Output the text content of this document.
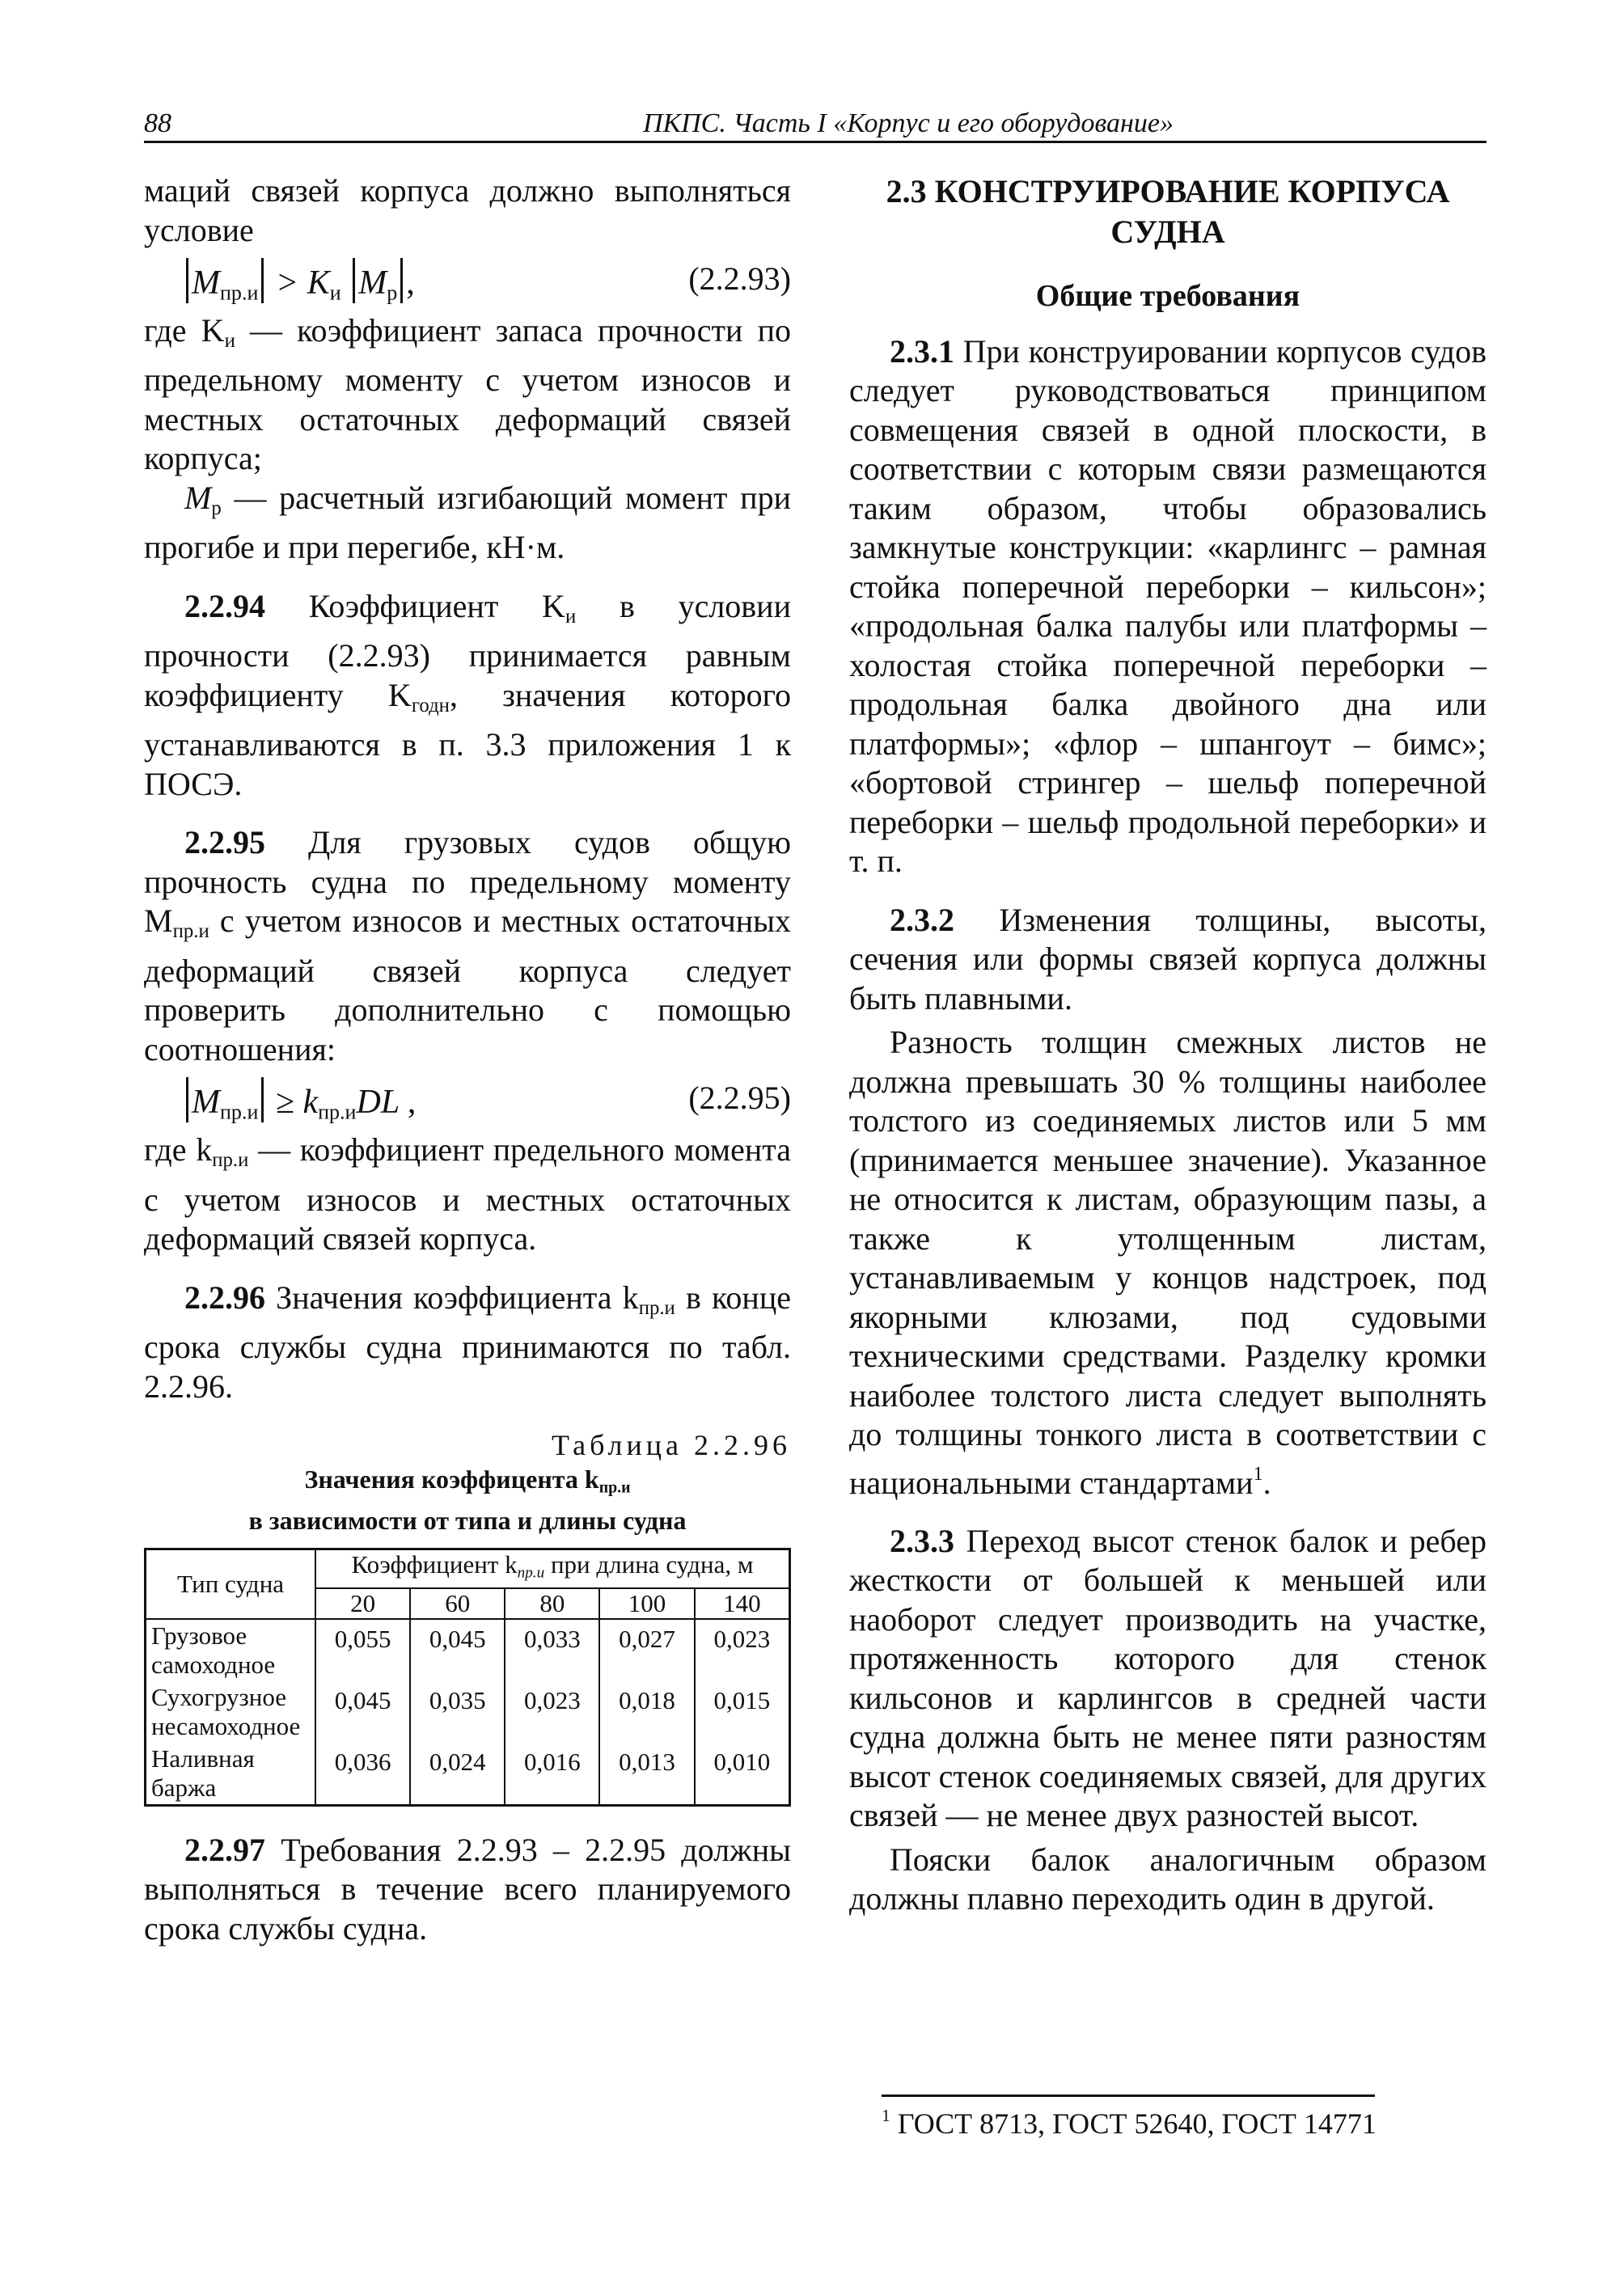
88	ПКПС. Часть I «Корпус и его оборудование»

маций связей корпуса должно выполняться условие

$M_{пр.и} > K_и$ $M_р$ ,	(2.2.93)

где $K_и$ — коэффициент запаса прочности по предельному моменту с учетом износов и местных остаточных деформаций связей корпуса;

$M_р$ — расчетный изгибающий момент при прогибе и при перегибе, кН·м.

2.2.94 Коэффициент $K_и$ в условии прочности (2.2.93) принимается равным коэффициенту $K_{годн}$, значения которого устанавливаются в п. 3.3 приложения 1 к ПОСЭ.

2.2.95 Для грузовых судов общую прочность судна по предельному моменту $M_{пр.и}$ с учетом износов и местных остаточных деформаций связей корпуса следует проверить дополнительно с помощью соотношения:

$M_{пр.и} \ge k_{пр.и}DL$ ,	(2.2.95)

где $k_{пр.и}$ — коэффициент предельного момента с учетом износов и местных остаточных деформаций связей корпуса.

2.2.96 Значения коэффициента $k_{пр.и}$ в конце срока службы судна принимаются по табл. 2.2.96.

Таблица 2.2.96
Значения коэффицента $k_{пр.и}$
в зависимости от типа и длины судна
Тип судна	Коэффициент $k_{пр.и}$ при длина судна, м				
	20	60	80	100	140
Грузовое самоходное	0,055	0,045	0,033	0,027	0,023
Сухогрузное несамоходное	0,045	0,035	0,023	0,018	0,015
Наливная баржа	0,036	0,024	0,016	0,013	0,010

2.2.97 Требования 2.2.93 – 2.2.95 должны выполняться в течение всего планируемого срока службы судна.

2.3 КОНСТРУИРОВАНИЕ КОРПУСА СУДНА
Общие требования

2.3.1 При конструировании корпусов судов следует руководствоваться принципом совмещения связей в одной плоскости, в соответствии с которым связи размещаются таким образом, чтобы образовались замкнутые конструкции: «карлингс – рамная стойка поперечной переборки – кильсон»; «продольная балка палубы или платформы – холостая стойка поперечной переборки – продольная балка двойного дна или платформы»; «флор – шпангоут – бимс»; «бортовой стрингер – шельф поперечной переборки – шельф продольной переборки» и т. п.

2.3.2 Изменения толщины, высоты, сечения или формы связей корпуса должны быть плавными.

Разность толщин смежных листов не должна превышать 30 % толщины наиболее толстого из соединяемых листов или 5 мм (принимается меньшее значение). Указанное не относится к листам, образующим пазы, а также к утолщенным листам, устанавливаемым у концов надстроек, под якорными клюзами, под судовыми техническими средствами. Разделку кромки наиболее толстого листа следует выполнять до толщины тонкого листа в соответствии с национальными стандартами$^1$.

2.3.3 Переход высот стенок балок и ребер жесткости от большей к меньшей или наоборот следует производить на участке, протяженность которого для стенок кильсонов и карлингсов в средней части судна должна быть не менее пяти разностям высот стенок соединяемых связей, для других связей — не менее двух разностей высот.

Пояски балок аналогичным образом должны плавно переходить один в другой.

$^1$ ГОСТ 8713, ГОСТ 52640, ГОСТ 14771
